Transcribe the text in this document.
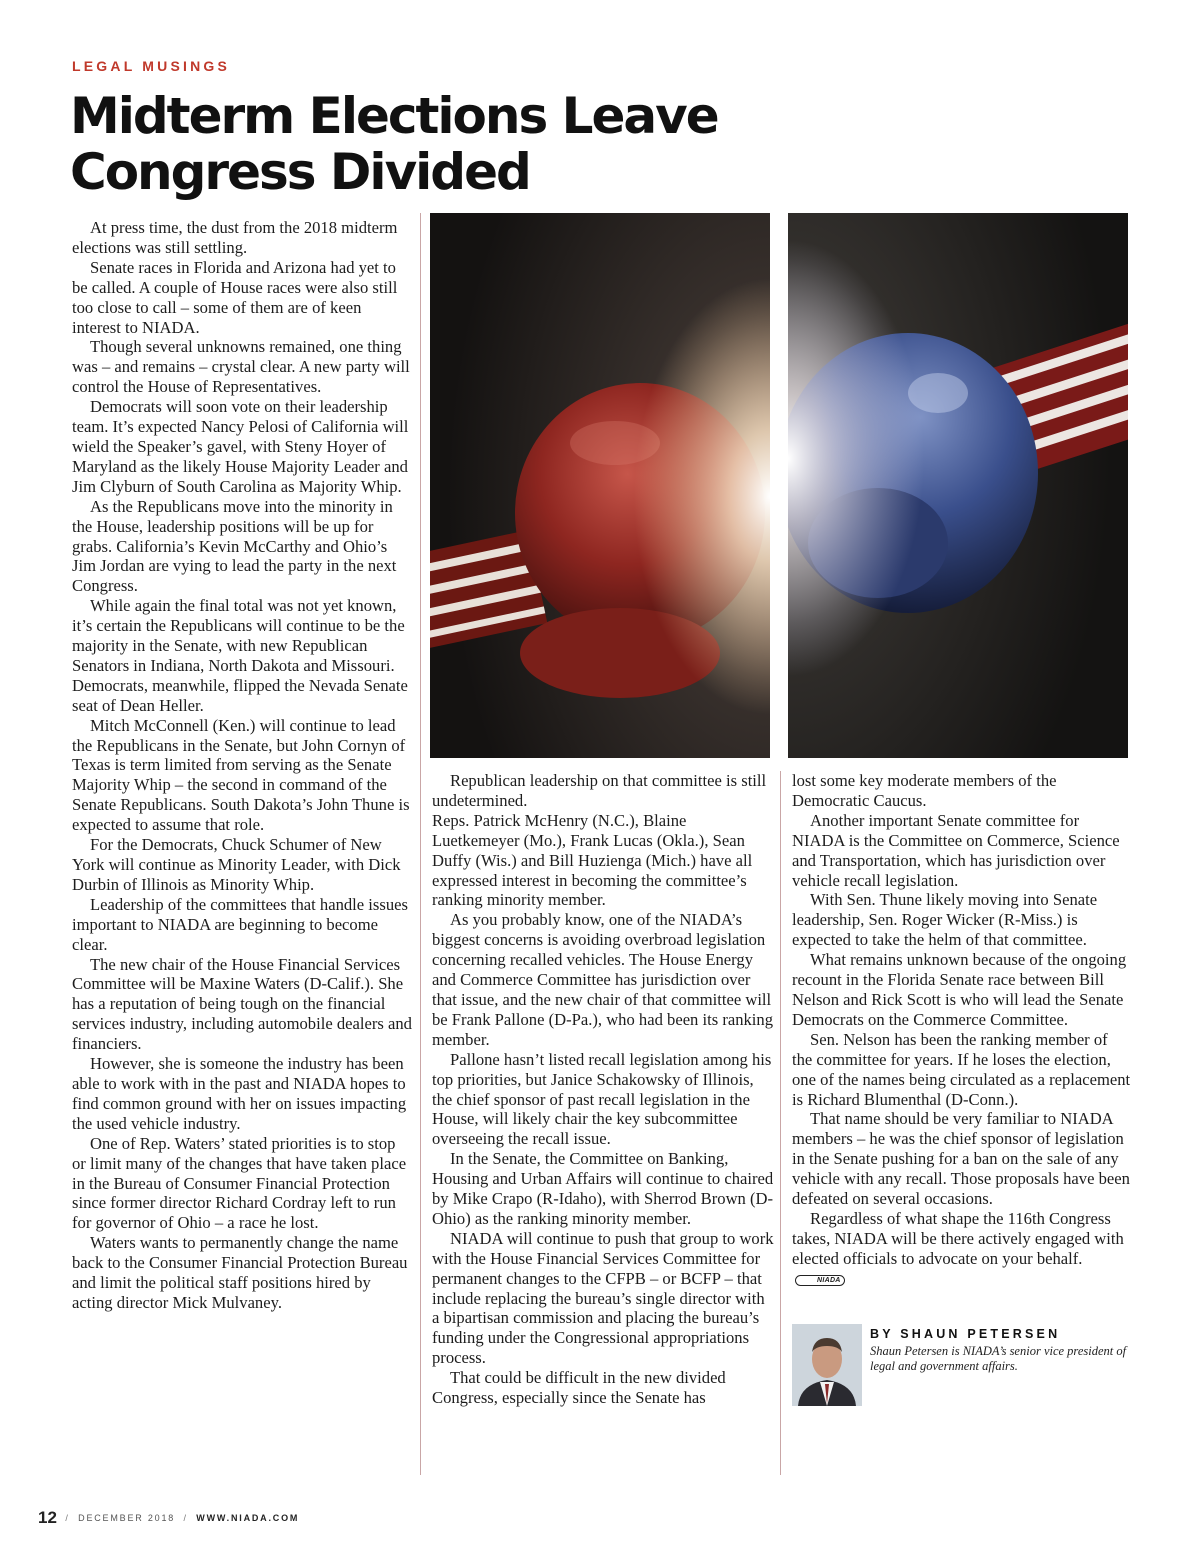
LEGAL MUSINGS
Midterm Elections Leave
Congress Divided

At press time, the dust from the 2018 midterm elections was still settling.

Senate races in Florida and Arizona had yet to be called. A couple of House races were also still too close to call – some of them are of keen interest to NIADA.

Though several unknowns remained, one thing was – and remains – crystal clear. A new party will control the House of Representatives.

Democrats will soon vote on their leadership team. It’s expected Nancy Pelosi of California will wield the Speaker’s gavel, with Steny Hoyer of Maryland as the likely House Majority Leader and Jim Clyburn of South Carolina as Majority Whip.

As the Republicans move into the minority in the House, leadership positions will be up for grabs. California’s Kevin McCarthy and Ohio’s Jim Jordan are vying to lead the party in the next Congress.

While again the final total was not yet known, it’s certain the Republicans will continue to be the majority in the Senate, with new Republican Senators in Indiana, North Dakota and Missouri. Democrats, meanwhile, flipped the Nevada Senate seat of Dean Heller.

Mitch McConnell (Ken.) will continue to lead the Republicans in the Senate, but John Cornyn of Texas is term limited from serving as the Senate Majority Whip – the second in command of the Senate Republicans. South Dakota’s John Thune is expected to assume that role.

For the Democrats, Chuck Schumer of New York will continue as Minority Leader, with Dick Durbin of Illinois as Minority Whip.

Leadership of the committees that handle issues important to NIADA are beginning to become clear.

The new chair of the House Financial Services Committee will be Maxine Waters (D-Calif.). She has a reputation of being tough on the financial services industry, including automobile dealers and financiers.

However, she is someone the industry has been able to work with in the past and NIADA hopes to find common ground with her on issues impacting the used vehicle industry.

One of Rep. Waters’ stated priorities is to stop or limit many of the changes that have taken place in the Bureau of Consumer Financial Protection since former director Richard Cordray left to run for governor of Ohio – a race he lost.

Waters wants to permanently change the name back to the Consumer Financial Protection Bureau and limit the political staff positions hired by acting director Mick Mulvaney.

Republican leadership on that committee is still undetermined.

Reps. Patrick McHenry (N.C.), Blaine Luetkemeyer (Mo.), Frank Lucas (Okla.), Sean Duffy (Wis.) and Bill Huzienga (Mich.) have all expressed interest in becoming the committee’s ranking minority member.

As you probably know, one of the NIADA’s biggest concerns is avoiding overbroad legislation concerning recalled vehicles. The House Energy and Commerce Committee has jurisdiction over that issue, and the new chair of that committee will be Frank Pallone (D-Pa.), who had been its ranking member.

Pallone hasn’t listed recall legislation among his top priorities, but Janice Schakowsky of Illinois, the chief sponsor of past recall legislation in the House, will likely chair the key subcommittee overseeing the recall issue.

In the Senate, the Committee on Banking, Housing and Urban Affairs will continue to chaired by Mike Crapo (R-Idaho), with Sherrod Brown (D-Ohio) as the ranking minority member.

NIADA will continue to push that group to work with the House Financial Services Committee for permanent changes to the CFPB – or BCFP – that include replacing the bureau’s single director with a bipartisan commission and placing the bureau’s funding under the Congressional appropriations process.

That could be difficult in the new divided Congress, especially since the Senate has

lost some key moderate members of the Democratic Caucus.

Another important Senate committee for NIADA is the Committee on Commerce, Science and Transportation, which has jurisdiction over vehicle recall legislation.

With Sen. Thune likely moving into Senate leadership, Sen. Roger Wicker (R-Miss.) is expected to take the helm of that committee.

What remains unknown because of the ongoing recount in the Florida Senate race between Bill Nelson and Rick Scott is who will lead the Senate Democrats on the Commerce Committee.

Sen. Nelson has been the ranking member of the committee for years. If he loses the election, one of the names being circulated as a replacement is Richard Blumenthal (D-Conn.).

That name should be very familiar to NIADA members – he was the chief sponsor of legislation in the Senate pushing for a ban on the sale of any vehicle with any recall. Those proposals have been defeated on several occasions.

Regardless of what shape the 116th Congress takes, NIADA will be there actively engaged with elected officials to advocate on your behalf.NIADA

BY SHAUN PETERSEN
Shaun Petersen is NIADA’s senior vice president of legal and government affairs.
12 / DECEMBER 2018 / WWW.NIADA.COM
